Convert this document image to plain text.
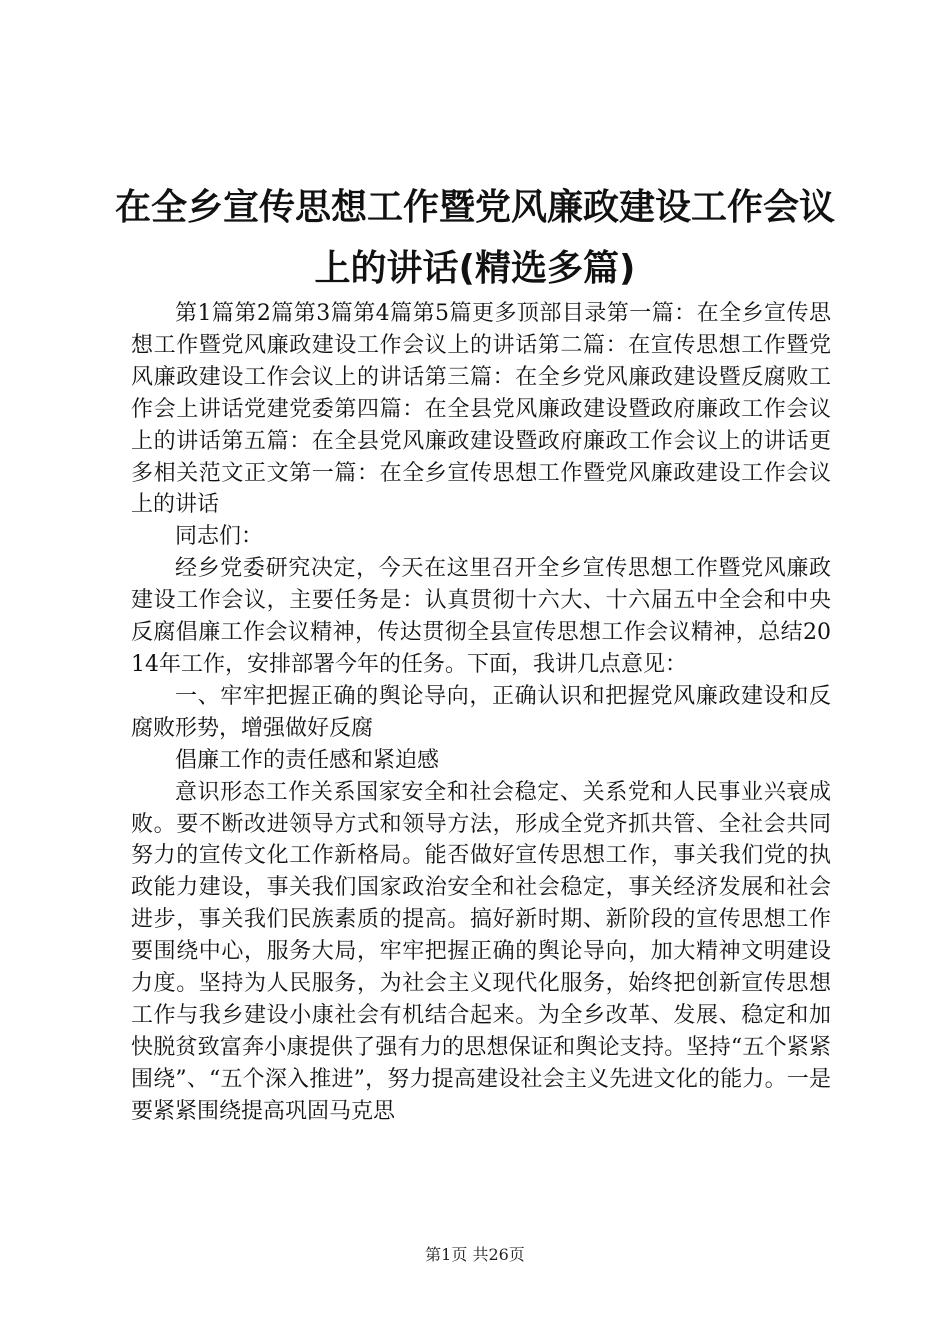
在全乡宣传思想工作暨党风廉政建设工作会议
上的讲话(精选多篇)

第1篇第2篇第3篇第4篇第5篇更多顶部目录第一篇：在全乡宣传思想工作暨党风廉政建设工作会议上的讲话第二篇：在宣传思想工作暨党风廉政建设工作会议上的讲话第三篇：在全乡党风廉政建设暨反腐败工作会上讲话党建党委第四篇：在全县党风廉政建设暨政府廉政工作会议上的讲话第五篇：在全县党风廉政建设暨政府廉政工作会议上的讲话更多相关范文正文第一篇：在全乡宣传思想工作暨党风廉政建设工作会议上的讲话

同志们：

经乡党委研究决定，今天在这里召开全乡宣传思想工作暨党风廉政建设工作会议，主要任务是：认真贯彻十六大、十六届五中全会和中央反腐倡廉工作会议精神，传达贯彻全县宣传思想工作会议精神，总结2014年工作，安排部署今年的任务。下面，我讲几点意见：

一、牢牢把握正确的舆论导向，正确认识和把握党风廉政建设和反腐败形势，增强做好反腐

倡廉工作的责任感和紧迫感

意识形态工作关系国家安全和社会稳定、关系党和人民事业兴衰成败。要不断改进领导方式和领导方法，形成全党齐抓共管、全社会共同努力的宣传文化工作新格局。能否做好宣传思想工作，事关我们党的执政能力建设，事关我们国家政治安全和社会稳定，事关经济发展和社会进步，事关我们民族素质的提高。搞好新时期、新阶段的宣传思想工作要围绕中心，服务大局，牢牢把握正确的舆论导向，加大精神文明建设力度。坚持为人民服务，为社会主义现代化服务，始终把创新宣传思想工作与我乡建设小康社会有机结合起来。为全乡改革、发展、稳定和加快脱贫致富奔小康提供了强有力的思想保证和舆论支持。坚持“五个紧紧围绕”、“五个深入推进”，努力提高建设社会主义先进文化的能力。一是要紧紧围绕提高巩固马克思

第1页 共26页
